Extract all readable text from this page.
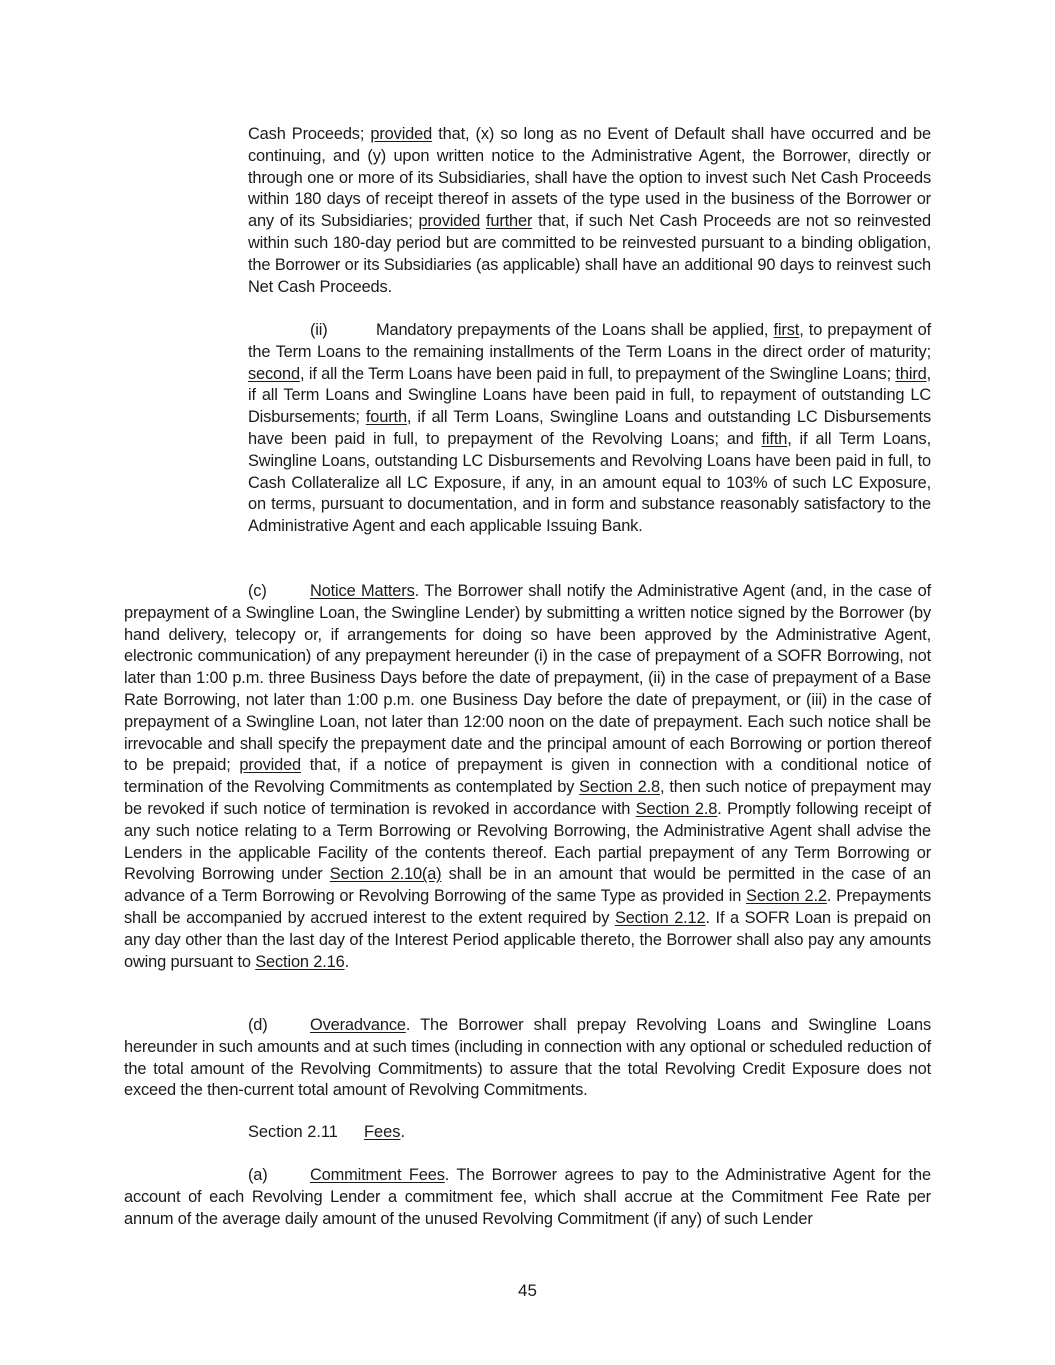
Cash Proceeds; provided that, (x) so long as no Event of Default shall have occurred and be continuing, and (y) upon written notice to the Administrative Agent, the Borrower, directly or through one or more of its Subsidiaries, shall have the option to invest such Net Cash Proceeds within 180 days of receipt thereof in assets of the type used in the business of the Borrower or any of its Subsidiaries; provided further that, if such Net Cash Proceeds are not so reinvested within such 180-day period but are committed to be reinvested pursuant to a binding obligation, the Borrower or its Subsidiaries (as applicable) shall have an additional 90 days to reinvest such Net Cash Proceeds.

(ii)	Mandatory prepayments of the Loans shall be applied, first, to prepayment of the Term Loans to the remaining installments of the Term Loans in the direct order of maturity; second, if all the Term Loans have been paid in full, to prepayment of the Swingline Loans; third, if all Term Loans and Swingline Loans have been paid in full, to repayment of outstanding LC Disbursements; fourth, if all Term Loans, Swingline Loans and outstanding LC Disbursements have been paid in full, to prepayment of the Revolving Loans; and fifth, if all Term Loans, Swingline Loans, outstanding LC Disbursements and Revolving Loans have been paid in full, to Cash Collateralize all LC Exposure, if any, in an amount equal to 103% of such LC Exposure, on terms, pursuant to documentation, and in form and substance reasonably satisfactory to the Administrative Agent and each applicable Issuing Bank.

(c)	Notice Matters. The Borrower shall notify the Administrative Agent (and, in the case of prepayment of a Swingline Loan, the Swingline Lender) by submitting a written notice signed by the Borrower (by hand delivery, telecopy or, if arrangements for doing so have been approved by the Administrative Agent, electronic communication) of any prepayment hereunder (i) in the case of prepayment of a SOFR Borrowing, not later than 1:00 p.m. three Business Days before the date of prepayment, (ii) in the case of prepayment of a Base Rate Borrowing, not later than 1:00 p.m. one Business Day before the date of prepayment, or (iii) in the case of prepayment of a Swingline Loan, not later than 12:00 noon on the date of prepayment. Each such notice shall be irrevocable and shall specify the prepayment date and the principal amount of each Borrowing or portion thereof to be prepaid; provided that, if a notice of prepayment is given in connection with a conditional notice of termination of the Revolving Commitments as contemplated by Section 2.8, then such notice of prepayment may be revoked if such notice of termination is revoked in accordance with Section 2.8. Promptly following receipt of any such notice relating to a Term Borrowing or Revolving Borrowing, the Administrative Agent shall advise the Lenders in the applicable Facility of the contents thereof. Each partial prepayment of any Term Borrowing or Revolving Borrowing under Section 2.10(a) shall be in an amount that would be permitted in the case of an advance of a Term Borrowing or Revolving Borrowing of the same Type as provided in Section 2.2. Prepayments shall be accompanied by accrued interest to the extent required by Section 2.12. If a SOFR Loan is prepaid on any day other than the last day of the Interest Period applicable thereto, the Borrower shall also pay any amounts owing pursuant to Section 2.16.

(d)	Overadvance. The Borrower shall prepay Revolving Loans and Swingline Loans hereunder in such amounts and at such times (including in connection with any optional or scheduled reduction of the total amount of the Revolving Commitments) to assure that the total Revolving Credit Exposure does not exceed the then-current total amount of Revolving Commitments.

Section 2.11 Fees.

(a)	Commitment Fees. The Borrower agrees to pay to the Administrative Agent for the account of each Revolving Lender a commitment fee, which shall accrue at the Commitment Fee Rate per annum of the average daily amount of the unused Revolving Commitment (if any) of such Lender

45
